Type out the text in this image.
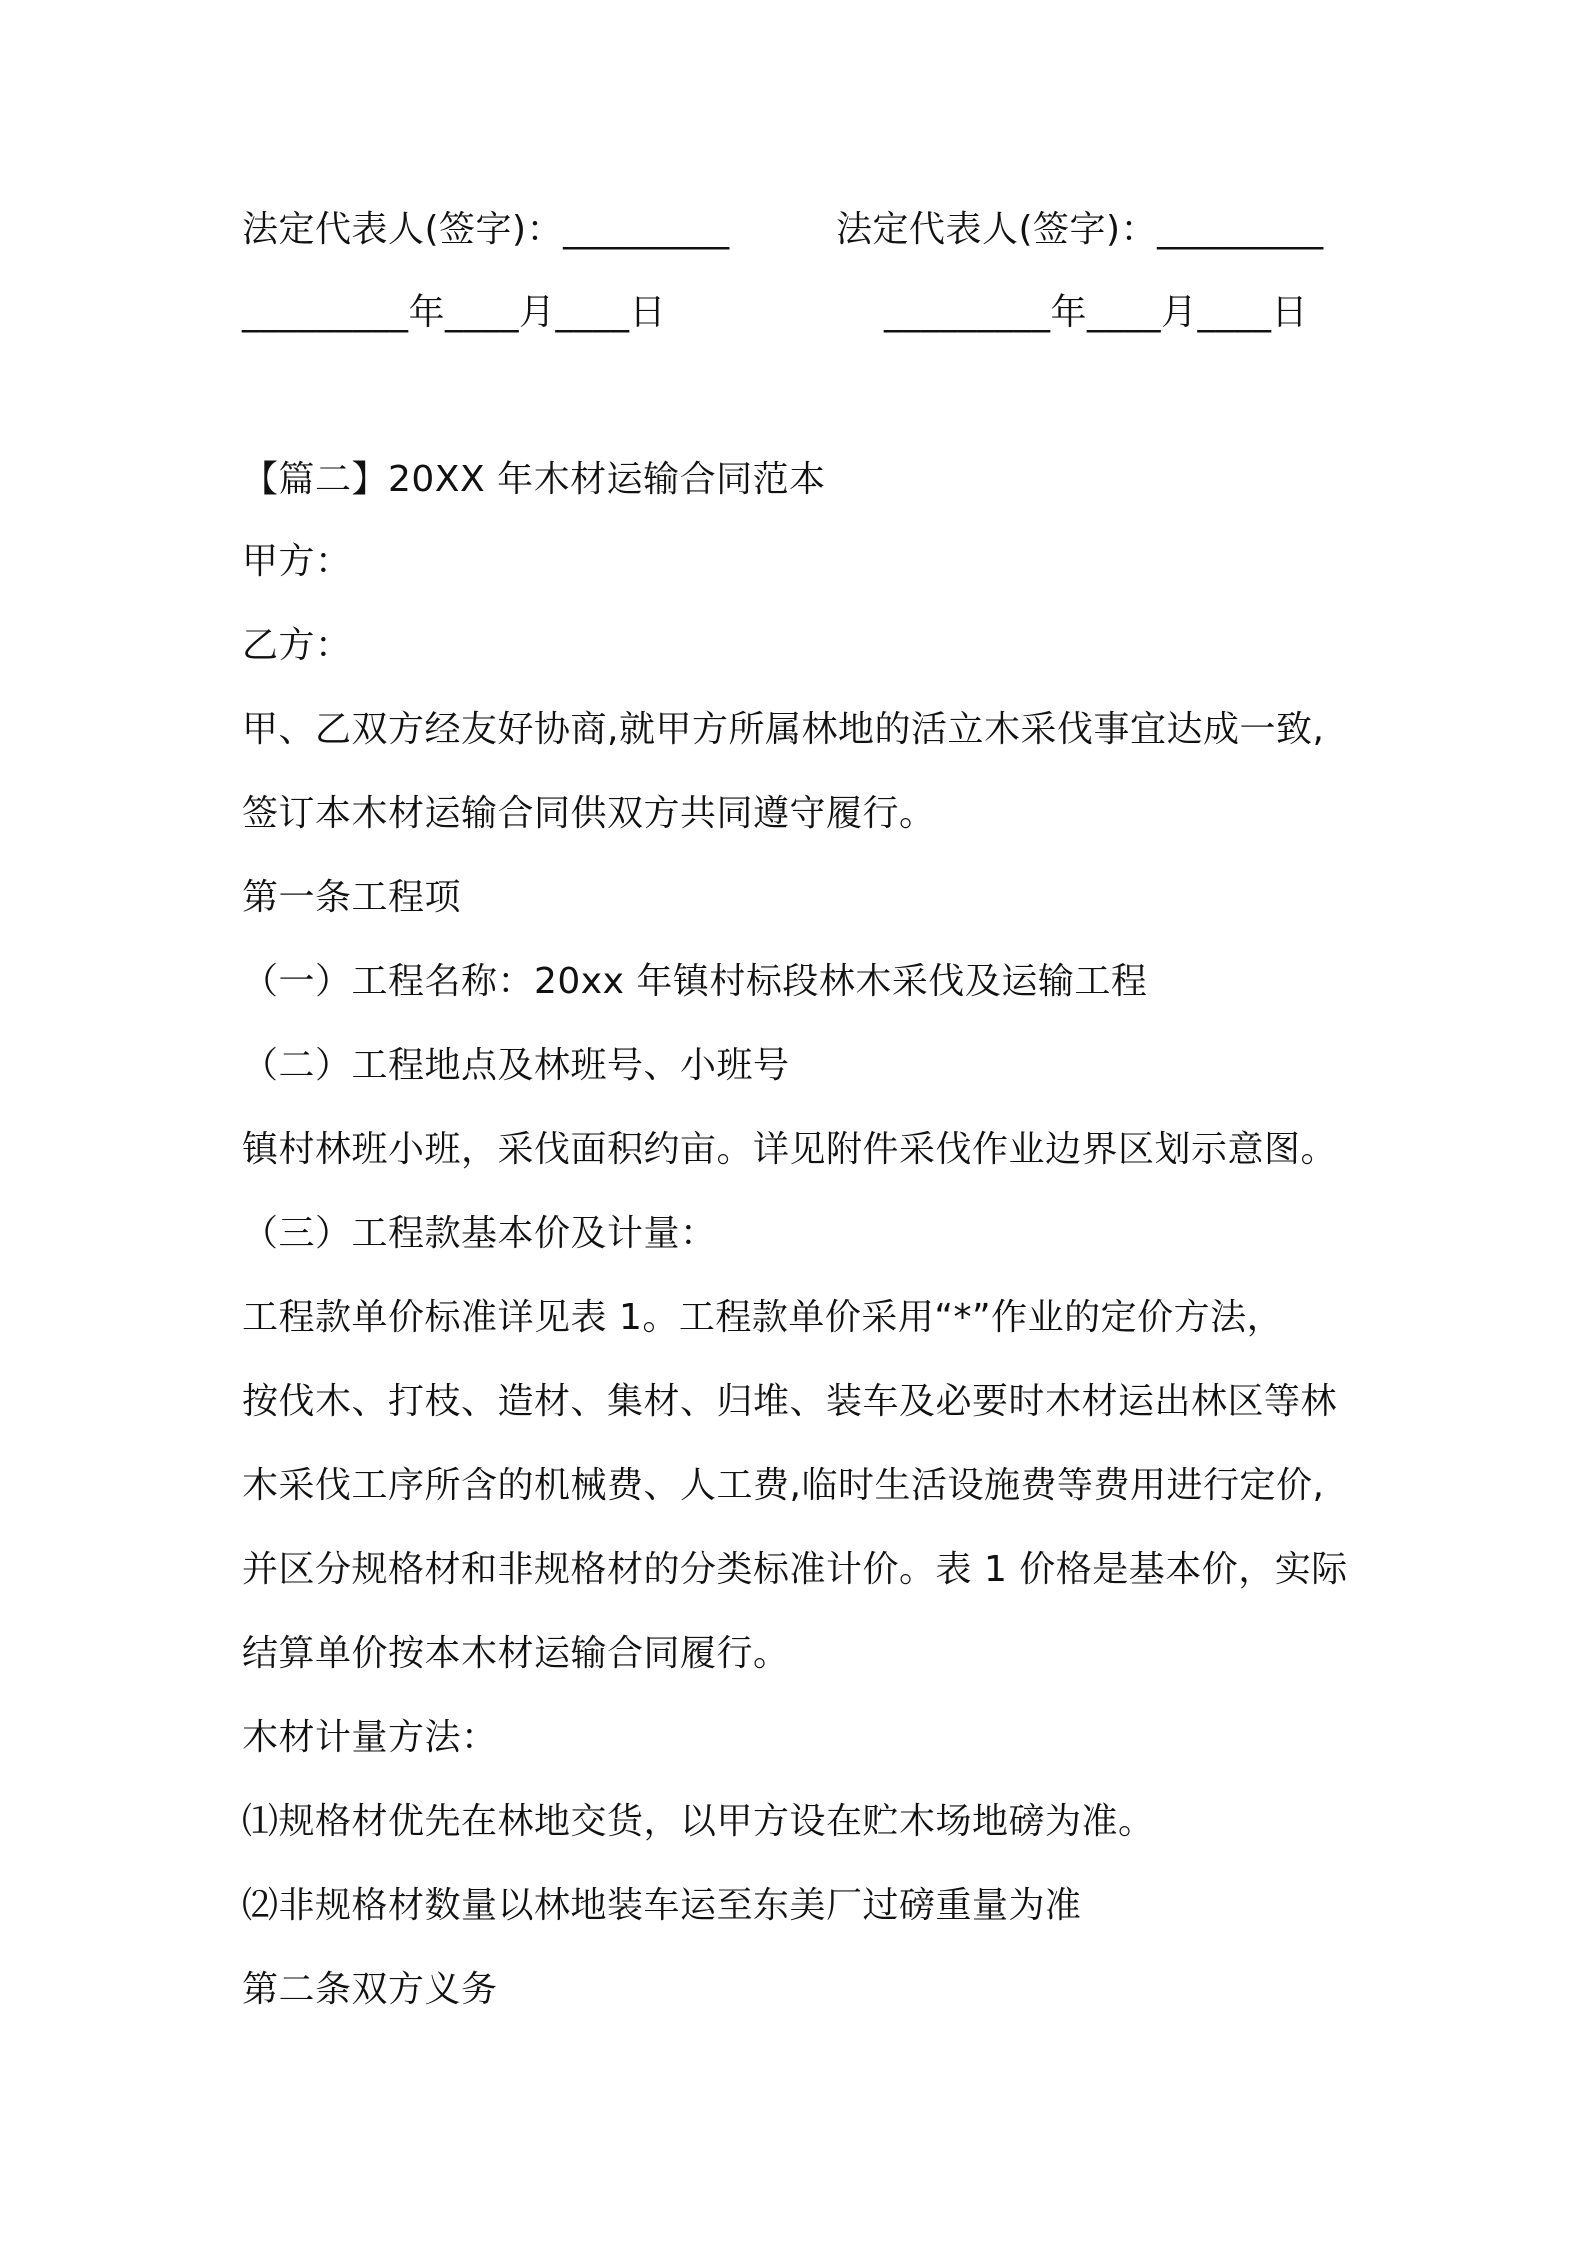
法定代表人(签字)：_________	法定代表人(签字)：_________
_________年____月____日	_________年____月____日
【篇二】20XX 年木材运输合同范本
甲方：
乙方：
甲、乙双方经友好协商,就甲方所属林地的活立木采伐事宜达成一致,
签订本木材运输合同供双方共同遵守履行。
第一条工程项
（一）工程名称：20xx 年镇村标段林木采伐及运输工程
（二）工程地点及林班号、小班号
镇村林班小班，采伐面积约亩。详见附件采伐作业边界区划示意图。
（三）工程款基本价及计量：
工程款单价标准详见表 1。工程款单价采用“*”作业的定价方法，
按伐木、打枝、造材、集材、归堆、装车及必要时木材运出林区等林
木采伐工序所含的机械费、人工费,临时生活设施费等费用进行定价,
并区分规格材和非规格材的分类标准计价。表 1 价格是基本价，实际
结算单价按本木材运输合同履行。
木材计量方法：
⑴规格材优先在林地交货，以甲方设在贮木场地磅为准。
⑵非规格材数量以林地装车运至东美厂过磅重量为准
第二条双方义务
